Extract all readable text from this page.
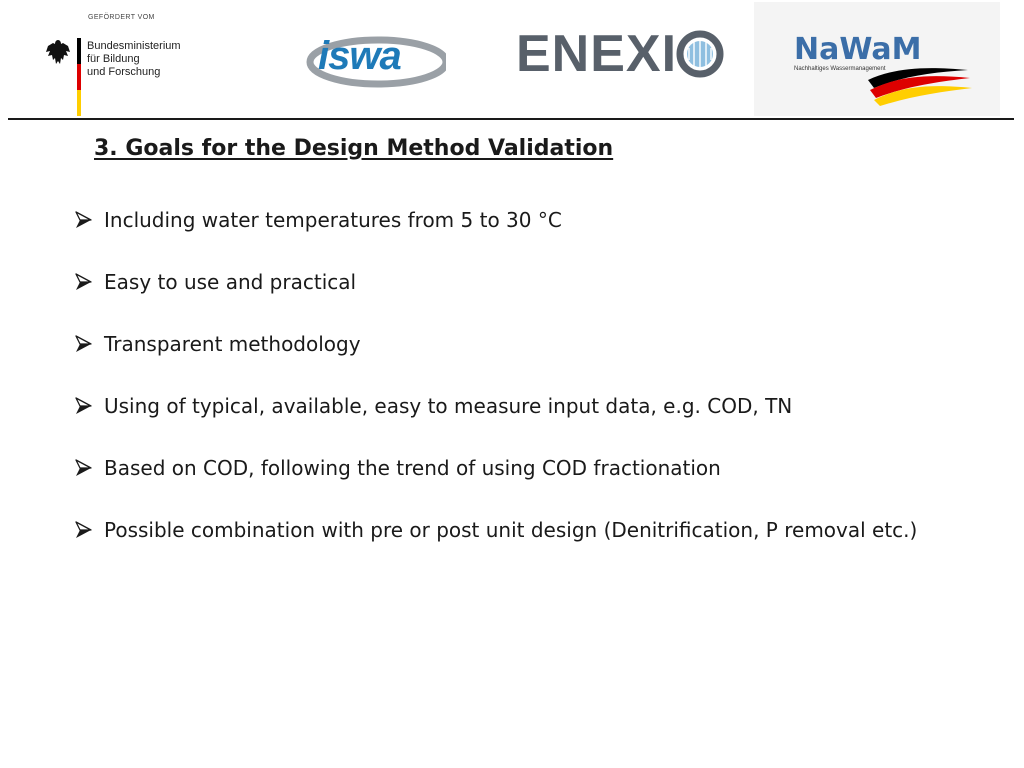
GEFÖRDERT VOM
Bundesministerium
für Bildung
und Forschung	iswa ENEXI	NaWaM
Nachhaltiges Wassermanagement
3. Goals for the Design Method Validation
Including water temperatures from 5 to 30 °C
Easy to use and practical
Transparent methodology
Using of typical, available, easy to measure input data, e.g. COD, TN
Based on COD, following the trend of using COD fractionation
Possible combination with pre or post unit design (Denitrification, P removal etc.)
